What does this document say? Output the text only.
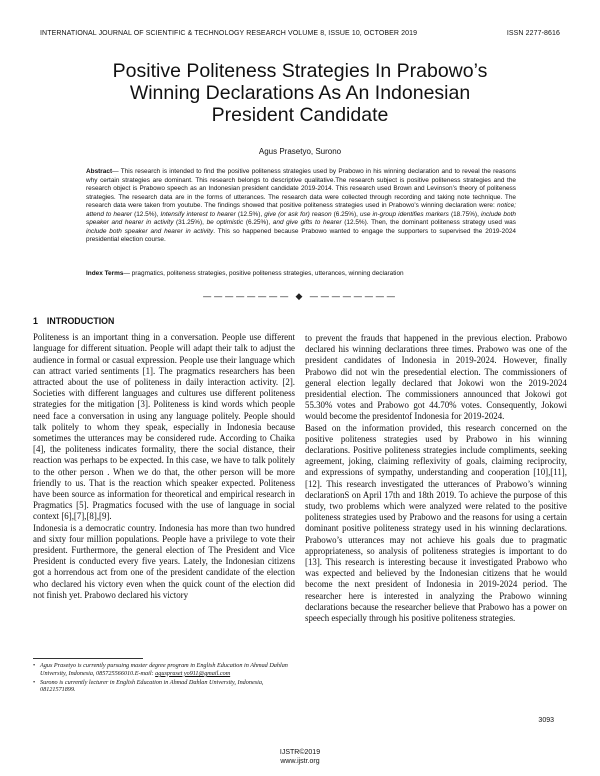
INTERNATIONAL JOURNAL OF SCIENTIFIC & TECHNOLOGY RESEARCH VOLUME 8, ISSUE 10, OCTOBER 2019	ISSN 2277-8616
Positive Politeness Strategies In Prabowo’s
Winning Declarations As An Indonesian
President Candidate
Agus Prasetyo, Surono
Abstract— This research is intended to find the positive politeness strategies used by Prabowo in his winning declaration and to reveal the reasons why certain strategies are dominant. This research belongs to descriptive qualitative.The research subject is positive politeness strategies and the research object is Prabowo speech as an Indonesian president candidate 2019-2014. This research used Brown and Levinson’s theory of politeness strategies. The research data are in the forms of utterances. The research data were collected through recording and taking note technique. The research data were taken from youtube. The findings showed that positive politeness strategies used in Prabowo’s winning declaration were: notice; attend to hearer (12.5%), Intensify interest to hearer (12.5%), give (or ask for) reason (6.25%), use in-group identifies markers (18.75%), include both speaker and hearer in activity (31.25%), be optimistic (6.25%), and give gifts to hearer (12.5%). Then, the dominant politeness strategy used was include both speaker and hearer in activity. This so happened because Prabowo wanted to engage the supporters to supervised the 2019-2024 presidential election course.
Index Terms— pragmatics, politeness strategies, positive politeness strategies, utterances, winning declaration
———————— ◆ ————————
1 INTRODUCTION

Politeness is an important thing in a conversation. People use different language for different situation. People will adapt their talk to adjust the audience in formal or casual expression. People use their language which can attract varied sentiments [1]. The pragmatics researchers has been attracted about the use of politeness in daily interaction activity. [2]. Societies with different languages and cultures use different politeness strategies for the mitigation [3]. Politeness is kind words which people need face a conversation in using any language politely. People should talk politely to whom they speak, especially in Indonesia because sometimes the utterances may be considered rude. According to Chaika [4], the politeness indicates formality, there the social distance, their reaction was perhaps to be expected. In this case, we have to talk politely to the other person . When we do that, the other person will be more friendly to us. That is the reaction which speaker expected. Politeness have been source as information for theoretical and empirical research in Pragmatics [5]. Pragmatics focused with the use of language in social context [6],[7],[8],[9].

Indonesia is a democratic country. Indonesia has more than two hundred and sixty four million populations. People have a privilege to vote their president. Furthermore, the general election of The President and Vice President is conducted every five years. Lately, the Indonesian citizens got a horrendous act from one of the president candidate of the election who declared his victory even when the quick count of the election did not finish yet. Prabowo declared his victory

to prevent the frauds that happened in the previous election. Prabowo declared his winning declarations three times. Prabowo was one of the president candidates of Indonesia in 2019-2024. However, finally Prabowo did not win the presedential election. The commissioners of general election legally declared that Jokowi won the 2019-2024 presidential election. The commissioners announced that Jokowi got 55.30% votes and Prabowo got 44.70% votes. Consequently, Jokowi would become the presidentof Indonesia for 2019-2024.

Based on the information provided, this research concerned on the positive politeness strategies used by Prabowo in his winning declarations. Positive politeness strategies include compliments, seeking agreement, joking, claiming reflexivity of goals, claiming reciprocity, and expressions of sympathy, understanding and cooperation [10],[11],[12]. This research investigated the utterances of Prabowo’s winning declarationS on April 17th and 18th 2019. To achieve the purpose of this study, two problems which were analyzed were related to the positive politeness strategies used by Prabowo and the reasons for using a certain dominant positive politeness strategy used in his winning declarations. Prabowo’s utterances may not achieve his goals due to pragmatic appropriateness, so analysis of politeness strategies is important to do [13]. This research is interesting because it investigated Prabowo who was expected and believed by the Indonesian citizens that he would become the next president of Indonesia in 2019-2024 period. The researcher here is interested in analyzing the Prabowo winning declarations because the researcher believe that Prabowo has a power on speech especially through his positive politeness strategies.

• Agus Prasetyo is currently pursuing master degree program in English Education in Ahmad Dahlan University, Indonesia, 085725566010.E-mail: aguspraset yo911@gmail.com
• Surono is currently lecturer in English Education in Ahmad Dahlan University, Indonesia, 08121571899.
3093
IJSTR©2019
www.ijstr.org
